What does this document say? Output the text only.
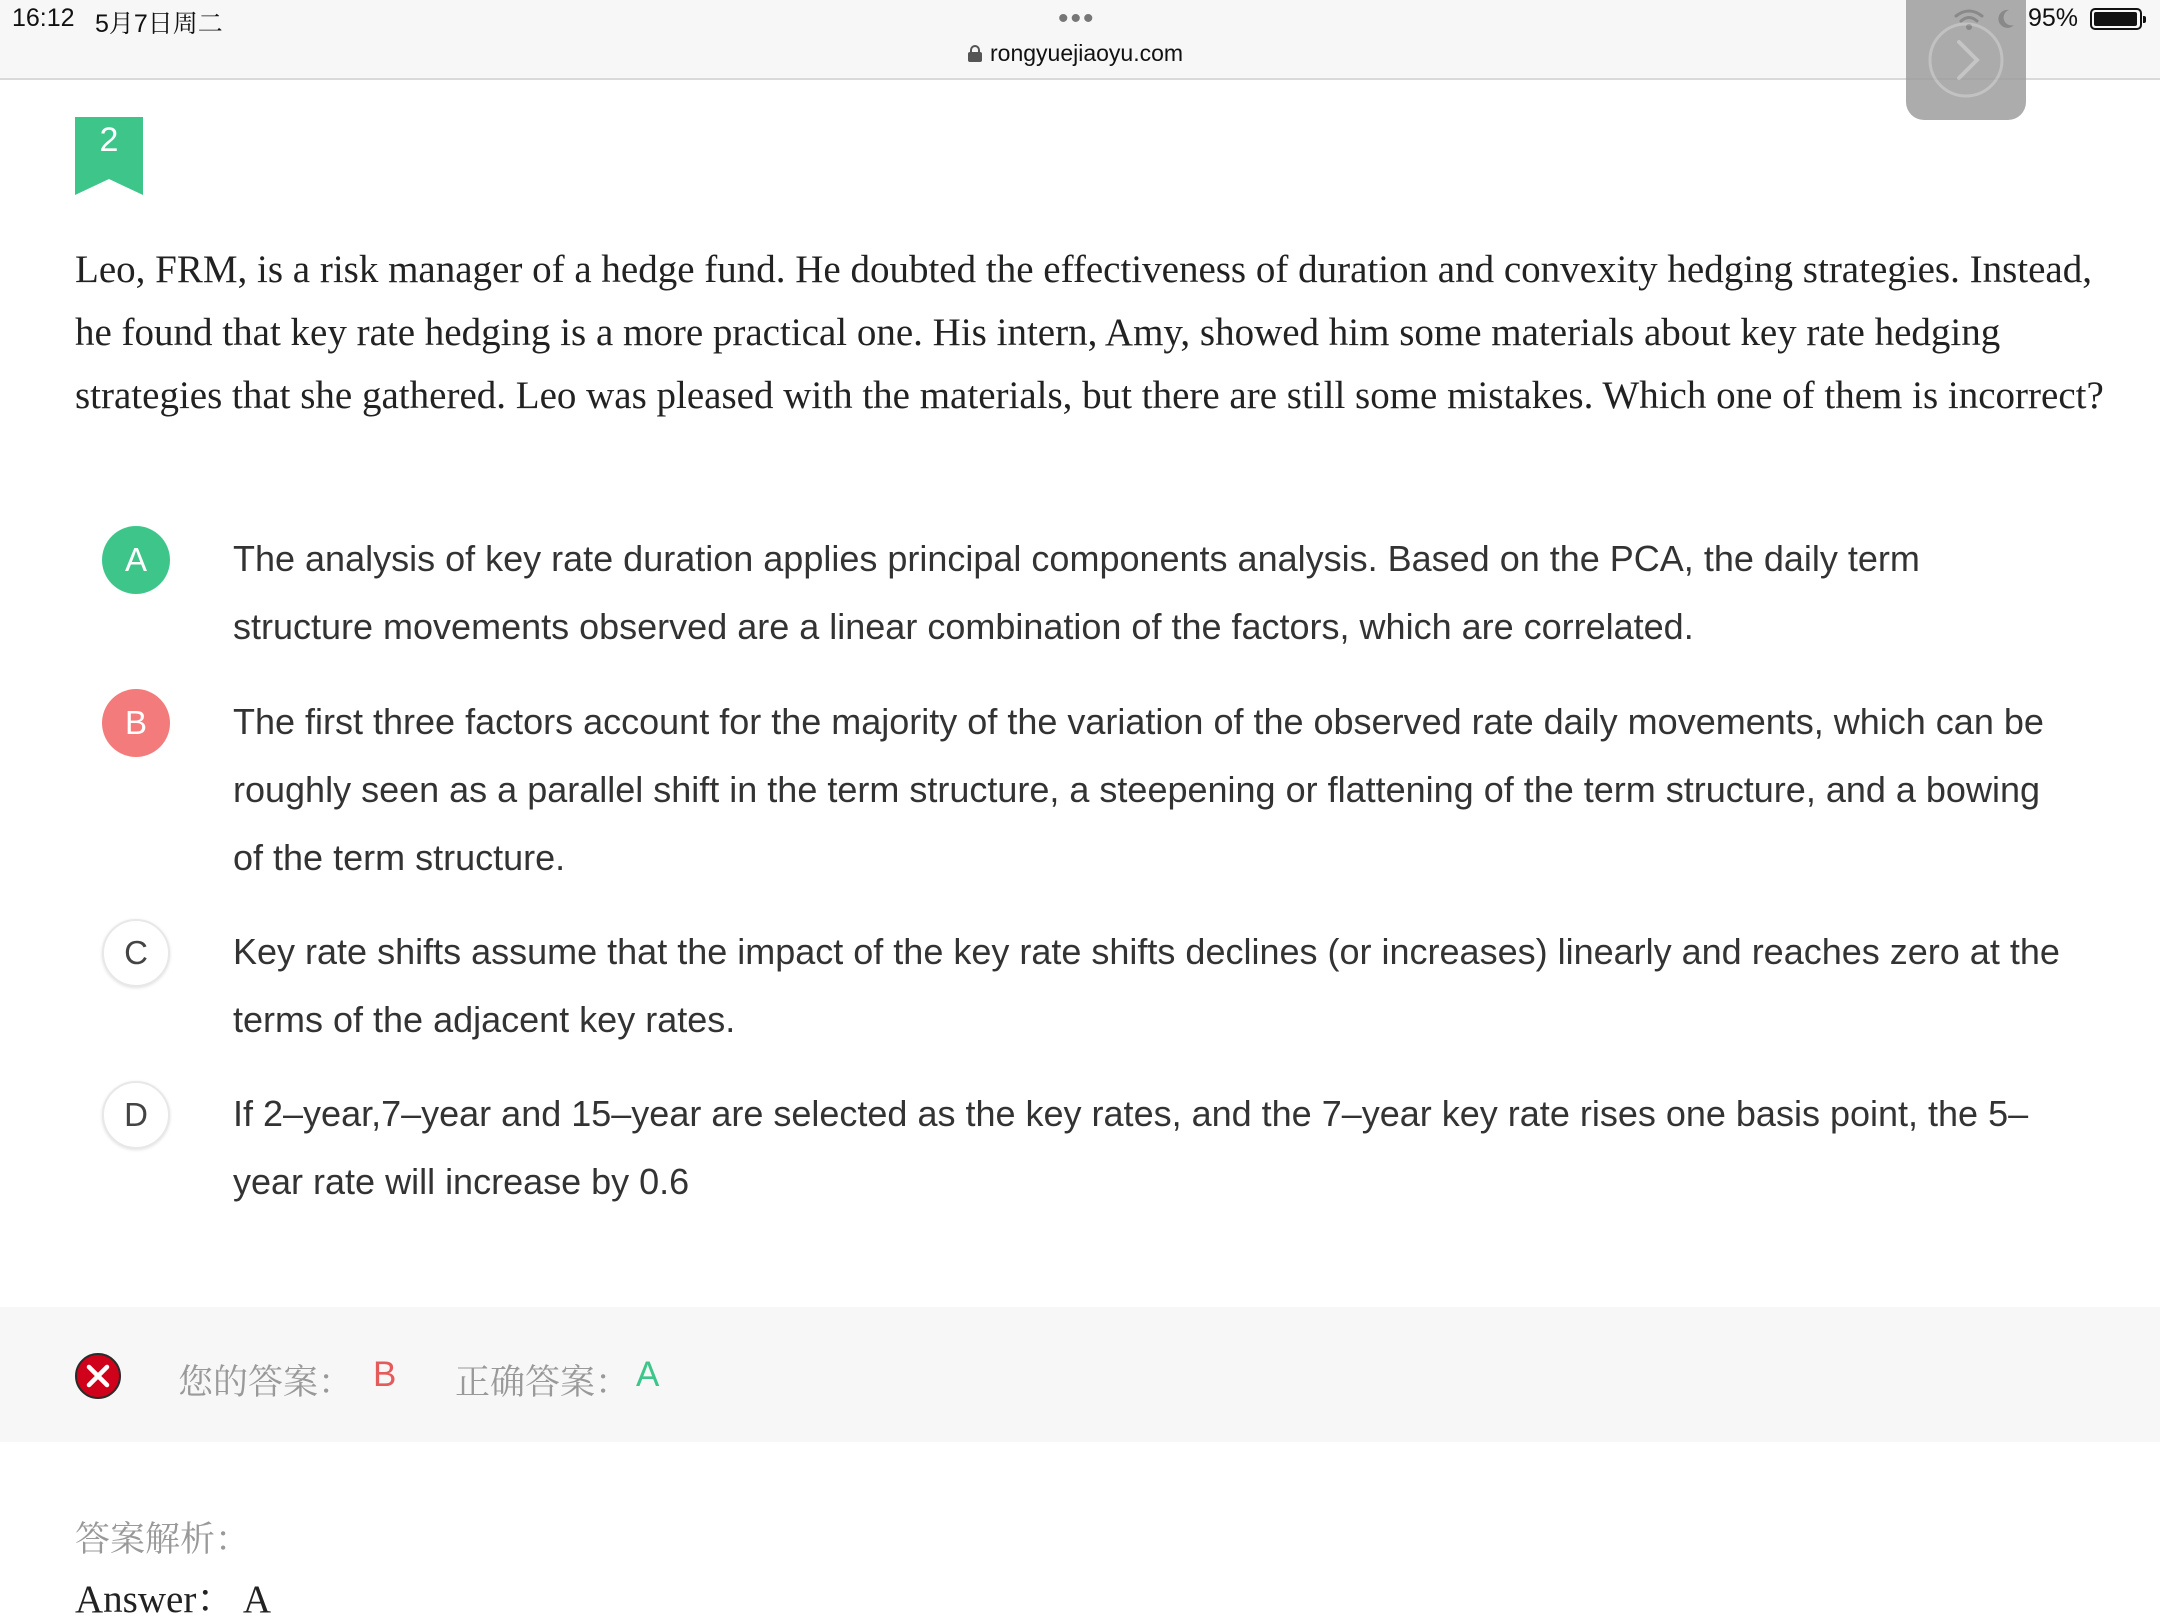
16:12 5月7日周二	•••
rongyuejiaoyu.com
95%
2
Leo, FRM, is a risk manager of a hedge fund. He doubted the effectiveness of duration and convexity hedging strategies. Instead, he found that key rate hedging is a more practical one. His intern, Amy, showed him some materials about key rate hedging strategies that she gathered. Leo was pleased with the materials, but there are still some mistakes. Which one of them is incorrect?
A	The analysis of key rate duration applies principal components analysis. Based on the PCA, the daily term structure movements observed are a linear combination of the factors, which are correlated.
B	The first three factors account for the majority of the variation of the observed rate daily movements, which can be roughly seen as a parallel shift in the term structure, a steepening or flattening of the term structure, and a bowing of the term structure.
C	Key rate shifts assume that the impact of the key rate shifts declines (or increases) linearly and reaches zero at the terms of the adjacent key rates.
D	If 2–year,7–year and 15–year are selected as the key rates, and the 7–year key rate rises one basis point, the 5–year rate will increase by 0.6
您的答案： B 正确答案： A
答案解析：
Answer： A
